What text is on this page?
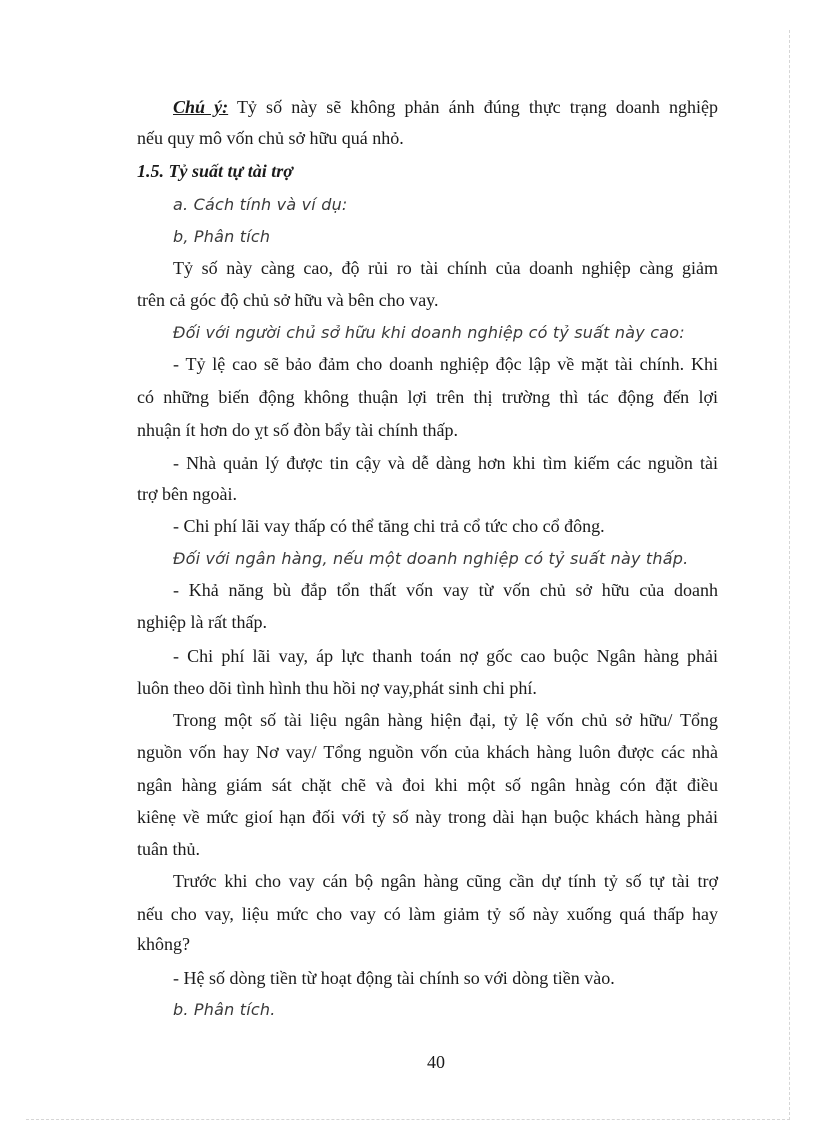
Chú ý: Tỷ số này sẽ không phản ánh đúng thực trạng doanh nghiệp
nếu quy mô vốn chủ sở hữu quá nhỏ.
1.5. Tỷ suất tự tài trợ
a. Cách tính và ví dụ:
b, Phân tích
Tỷ số này càng cao, độ rủi ro tài chính của doanh nghiệp càng giảm
trên cả góc độ chủ sở hữu và bên cho vay.
Đối với người chủ sở hữu khi doanh nghiệp có tỷ suất này cao:
- Tỷ lệ cao sẽ bảo đảm cho doanh nghiệp độc lập về mặt tài chính. Khi
có những biến động không thuận lợi trên thị trường thì tác động đến lợi
nhuận ít hơn do ỵt số đòn bẩy tài chính thấp.
- Nhà quản lý được tin cậy và dễ dàng hơn khi tìm kiếm các nguồn tài
trợ bên ngoài.
- Chi phí lãi vay thấp có thể tăng chi trả cổ tức cho cổ đông.
Đối với ngân hàng, nếu một doanh nghiệp có tỷ suất này thấp.
- Khả năng bù đắp tổn thất vốn vay từ vốn chủ sở hữu của doanh
nghiệp là rất thấp.
- Chi phí lãi vay, áp lực thanh toán nợ gốc cao buộc Ngân hàng phải
luôn theo dõi tình hình thu hồi nợ vay,phát sinh chi phí.
Trong một số tài liệu ngân hàng hiện đại, tỷ lệ vốn chủ sở hữu/ Tổng
nguồn vốn hay Nơ vay/ Tổng nguồn vốn của khách hàng luôn được các nhà
ngân hàng giám sát chặt chẽ và đoi khi một số ngân hnàg cón đặt điều
kiênẹ về mức gioí hạn đối với tỷ số này trong dài hạn buộc khách hàng phải
tuân thủ.
Trước khi cho vay cán bộ ngân hàng cũng cần dự tính tỷ số tự tài trợ
nếu cho vay, liệu mức cho vay có làm giảm tỷ số này xuống quá thấp hay
không?
- Hệ số dòng tiền từ hoạt động tài chính so với dòng tiền vào.
b. Phân tích.
40
